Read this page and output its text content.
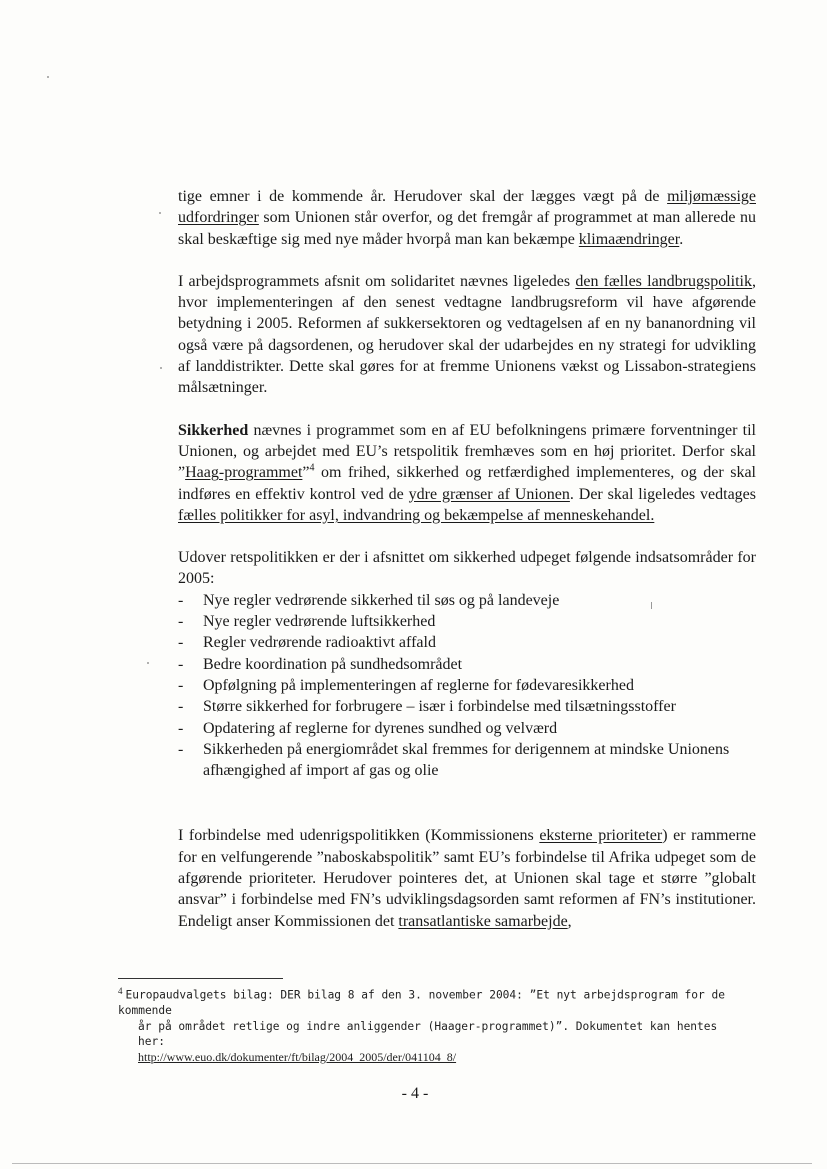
tige emner i de kommende år. Herudover skal der lægges vægt på de miljømæssige udfordringer som Unionen står overfor, og det fremgår af programmet at man allerede nu skal beskæftige sig med nye måder hvorpå man kan bekæmpe klimaændringer.

I arbejdsprogrammets afsnit om solidaritet nævnes ligeledes den fælles landbrugspolitik, hvor implementeringen af den senest vedtagne landbrugsreform vil have afgørende betydning i 2005. Reformen af sukkersektoren og vedtagelsen af en ny bananordning vil også være på dagsordenen, og herudover skal der udarbejdes en ny strategi for udvikling af landdistrikter. Dette skal gøres for at fremme Unionens vækst og Lissabon-strategiens målsætninger.

Sikkerhed nævnes i programmet som en af EU befolkningens primære forventninger til Unionen, og arbejdet med EU’s retspolitik fremhæves som en høj prioritet. Derfor skal ”Haag-programmet”$^4$ om frihed, sikkerhed og retfærdighed implementeres, og der skal indføres en effektiv kontrol ved de ydre grænser af Unionen. Der skal ligeledes vedtages fælles politikker for asyl, indvandring og bekæmpelse af menneskehandel.

Udover retspolitikken er der i afsnittet om sikkerhed udpeget følgende indsatsområder for 2005:

- Nye regler vedrørende sikkerhed til søs og på landeveje
- Nye regler vedrørende luftsikkerhed
- Regler vedrørende radioaktivt affald
- Bedre koordination på sundhedsområdet
- Opfølgning på implementeringen af reglerne for fødevaresikkerhed
- Større sikkerhed for forbrugere – især i forbindelse med tilsætningsstoffer
- Opdatering af reglerne for dyrenes sundhed og velværd
- Sikkerheden på energiområdet skal fremmes for derigennem at mindske Unionens afhængighed af import af gas og olie

I forbindelse med udenrigspolitikken (Kommissionens eksterne prioriteter) er rammerne for en velfungerende ”naboskabspolitik” samt EU’s forbindelse til Afrika udpeget som de afgørende prioriteter. Herudover pointeres det, at Unionen skal tage et større ”globalt ansvar” i forbindelse med FN’s udviklingsdagsorden samt reformen af FN’s institutioner. Endeligt anser Kommissionen det transatlantiske samarbejde,

$^4$ Europaudvalgets bilag: DER bilag 8 af den 3. november 2004: ”Et nyt arbejdsprogram for de kommende
år på området retlige og indre anliggender (Haager-programmet)”. Dokumentet kan hentes her:
http://www.euo.dk/dokumenter/ft/bilag/2004_2005/der/041104_8/
- 4 -
